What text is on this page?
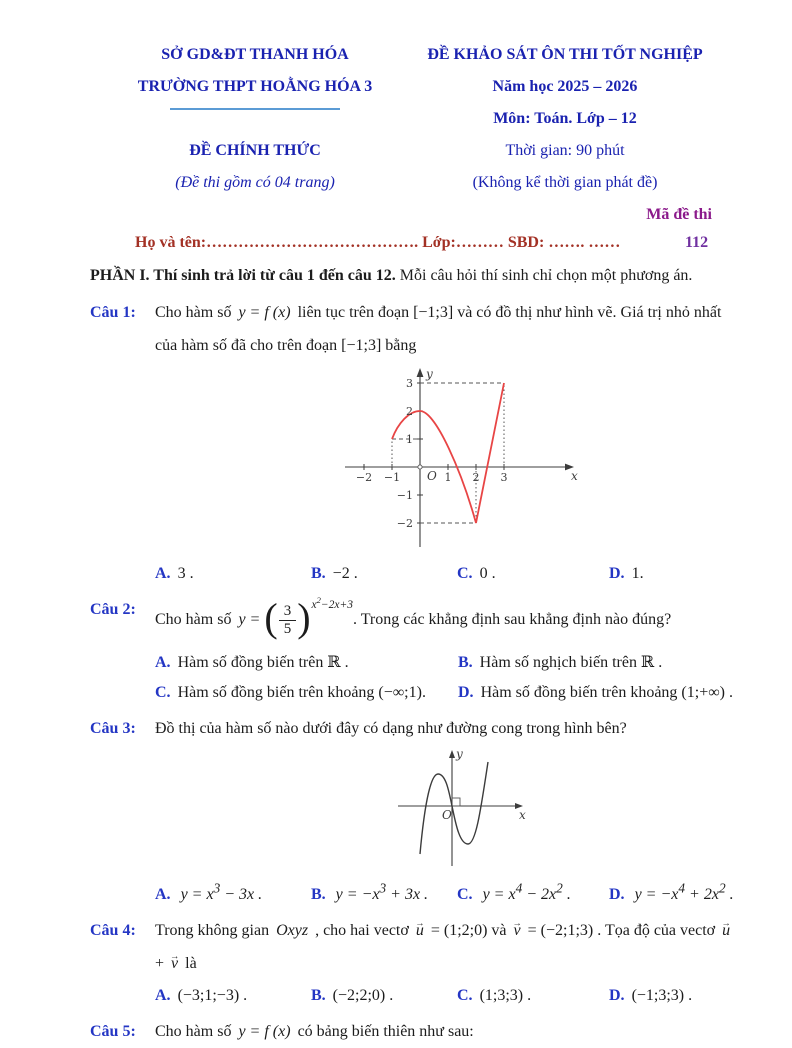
SỞ GD&ĐT THANH HÓA
TRƯỜNG THPT HOẰNG HÓA 3
ĐỀ CHÍNH THỨC
(Đề thi gồm có 04 trang)
ĐỀ KHẢO SÁT ÔN THI TỐT NGHIỆP
Năm học 2025 – 2026
Môn: Toán. Lớp – 12
Thời gian: 90 phút
(Không kể thời gian phát đề)
Mã đề thi
Họ và tên:…………………………………. Lớp:……… SBD: ……. ……	112
PHẦN I. Thí sinh trả lời từ câu 1 đến câu 12. Mỗi câu hỏi thí sinh chỉ chọn một phương án.
Câu 1:	Cho hàm số y = f (x) liên tục trên đoạn [−1;3] và có đồ thị như hình vẽ. Giá trị nhỏ nhất của hàm số đã cho trên đoạn [−1;3] bằng

x
y
O
−2 −1	1 2 3
3
2
1
−1
−2
A. 3 .	B. −2 .	C. 0 .	D. 1.
Câu 2:

Cho hàm số
y = ( $\frac{3}{5}$ ) $x^2-2x+3$
. Trong các khẳng định sau khẳng định nào đúng?

A. Hàm số đồng biến trên ℝ .	B. Hàm số nghịch biến trên ℝ .
C. Hàm số đồng biến trên khoảng (−∞;1).	D. Hàm số đồng biến trên khoảng (1;+∞) .
Câu 3:	Đồ thị của hàm số nào dưới đây có dạng như đường cong trong hình bên?

x
y
O
A. $y = x^3 - 3x$ .	B. $y = -x^3 + 3x$ .	C. $y = x^4 - 2x^2$ .	D. $y = -x^4 + 2x^2$ .
Câu 4:	Trong không gian Oxyz , cho hai vectơ u → = (1;2;0) và v → = (−2;1;3) . Tọa độ của vectơ u → + v → là

A. (−3;1;−3) .	B. (−2;2;0) .	C. (1;3;3) .	D. (−1;3;3) .
Câu 5:	Cho hàm số y = f (x) có bảng biến thiên như sau:
